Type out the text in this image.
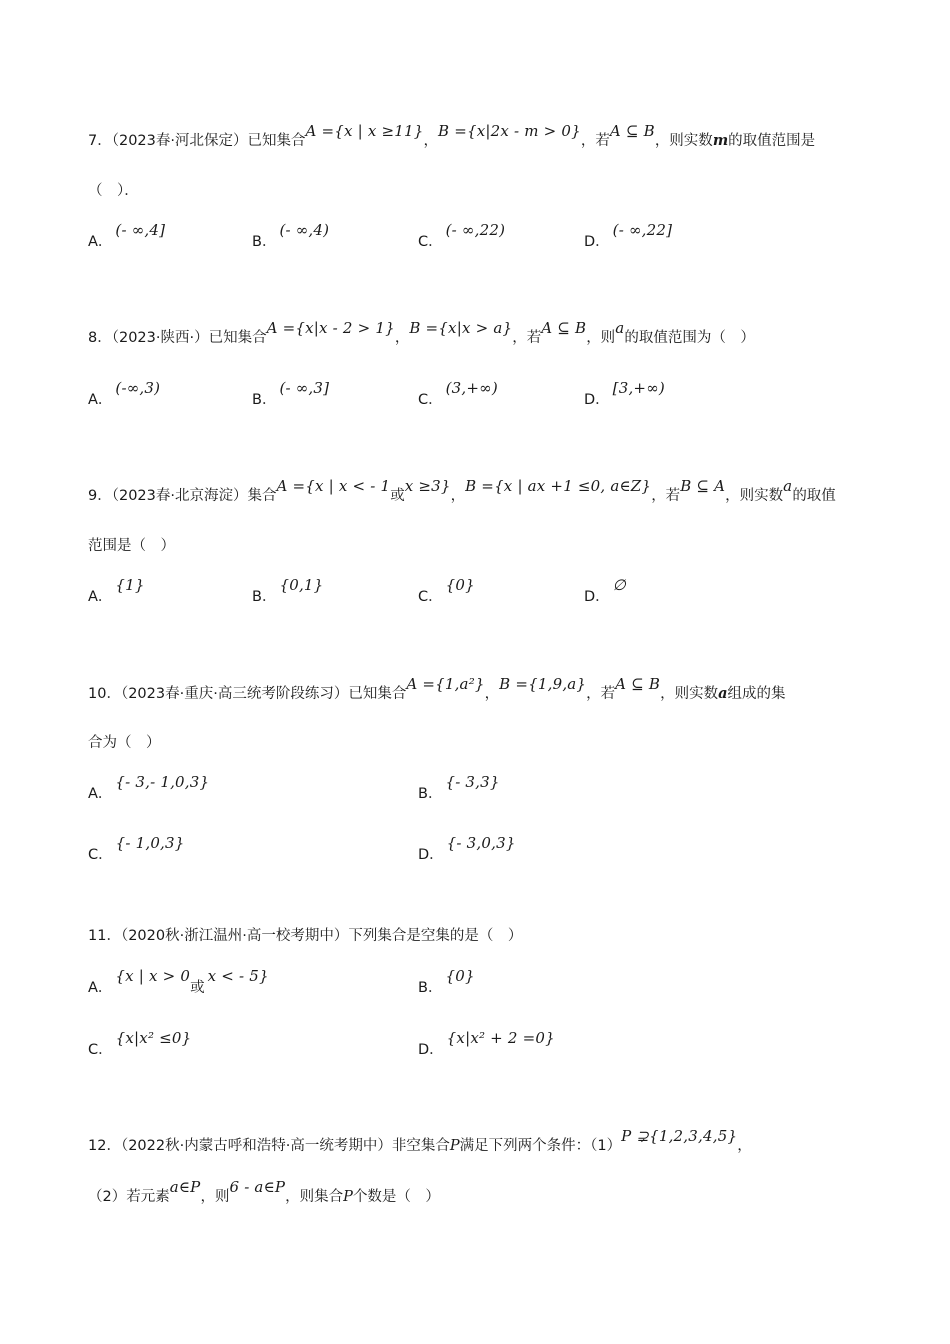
7．（2023春·河北保定）已知集合A ={x | x ≥11}，B ={x|2x - m > 0}，若A ⊆ B，则实数m的取值范围是
（　）．
A．(- ∞,4]
B．(- ∞,4)
C．(- ∞,22)
D．(- ∞,22]
8．（2023·陕西·）已知集合A ={x|x - 2 > 1}，B ={x|x > a}，若A ⊆ B，则a的取值范围为（　）
A．(-∞,3)
B．(- ∞,3]
C．(3,+∞)
D．[3,+∞)
9．（2023春·北京海淀）集合A ={x | x < - 1或x ≥3}，B ={x | ax +1 ≤0, a∈Z}，若B ⊆ A，则实数a的取值
范围是（　）
A．{1}
B．{0,1}
C．{0}
D．∅
10．（2023春·重庆·高三统考阶段练习）已知集合A ={1,a²}，B ={1,9,a}，若A ⊆ B，则实数a组成的集
合为（　）
A．{- 3,- 1,0,3}
B．{- 3,3}
C．{- 1,0,3}
D．{- 3,0,3}
11．（2020秋·浙江温州·高一校考期中）下列集合是空集的是（　）
A．{x | x > 0或x < - 5}
B．{0}
C．{x|x² ≤0}
D．{x|x² + 2 =0}
12．（2022秋·内蒙古呼和浩特·高一统考期中）非空集合P满足下列两个条件：（1）P ⊋{1,2,3,4,5}，
（2）若元素a∈P，则6 - a∈P，则集合P个数是（　）
